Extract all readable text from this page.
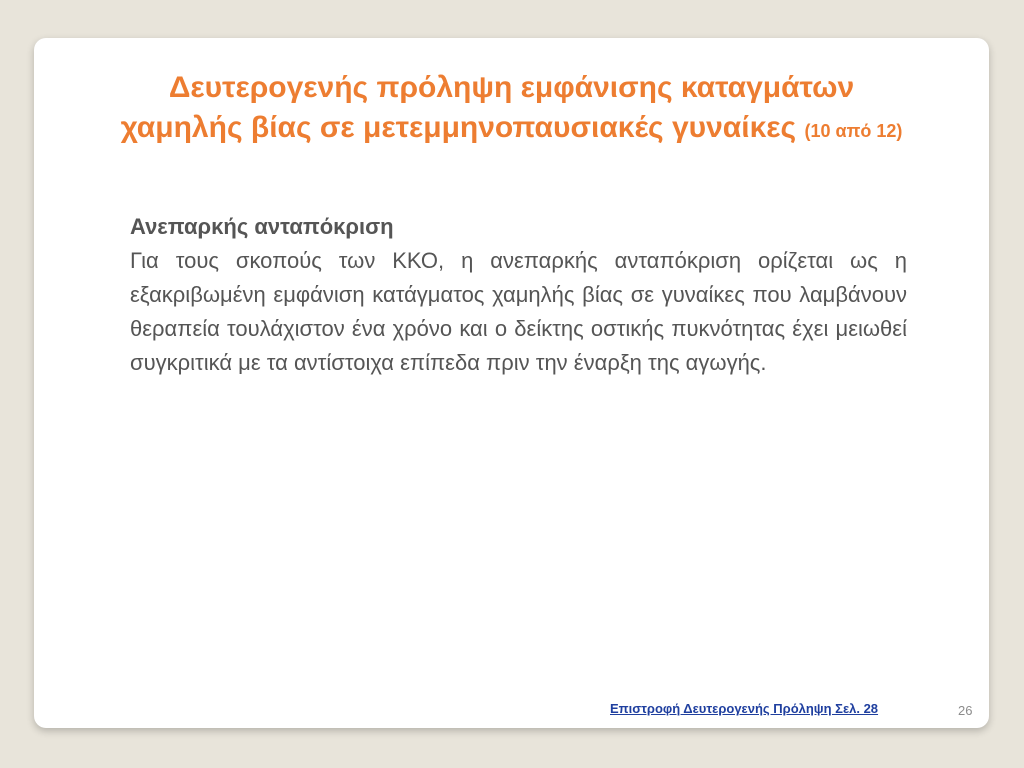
Δευτερογενής πρόληψη εμφάνισης καταγμάτων
χαμηλής βίας σε μετεμμηνοπαυσιακές γυναίκες (10 από 12)

Ανεπαρκής ανταπόκριση

Για τους σκοπούς των ΚΚΟ, η ανεπαρκής ανταπόκριση ορίζεται ως η εξακριβωμένη εμφάνιση κατάγματος χαμηλής βίας σε γυναίκες που λαμβάνουν θεραπεία τουλάχιστον ένα χρόνο και ο δείκτης οστικής πυκνότητας έχει μειωθεί συγκριτικά με τα αντίστοιχα επίπεδα πριν την έναρξη της αγωγής.

Επιστροφή Δευτερογενής Πρόληψη Σελ. 28	26
